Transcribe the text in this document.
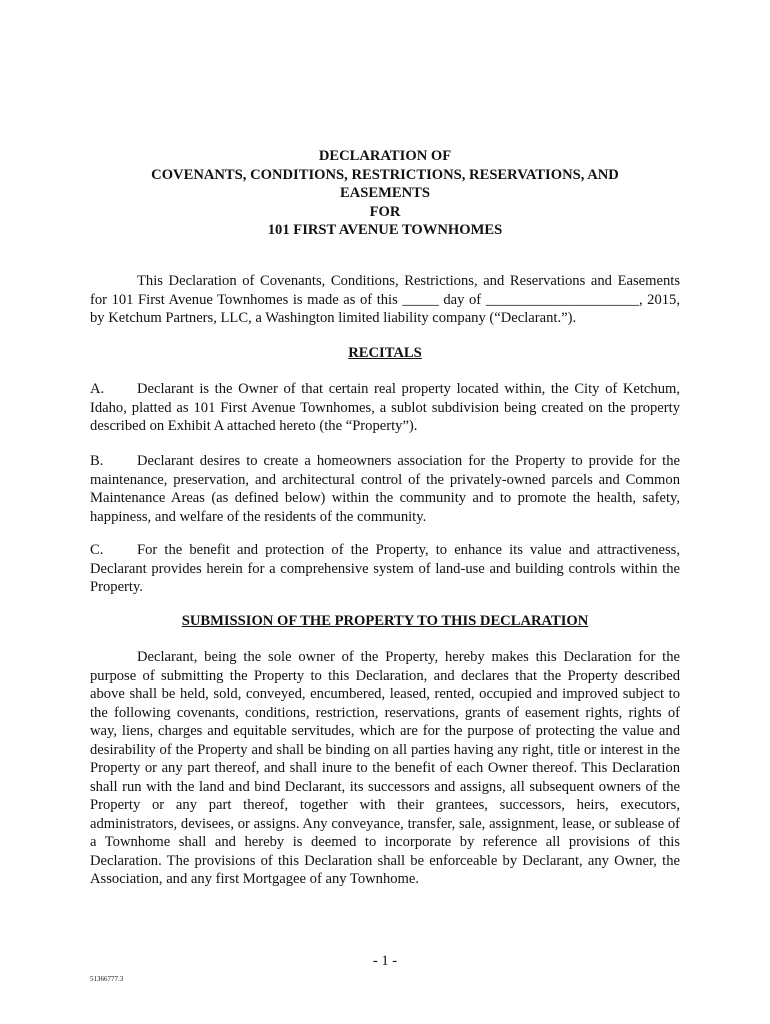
DECLARATION OF
COVENANTS, CONDITIONS, RESTRICTIONS, RESERVATIONS, AND
EASEMENTS
FOR
101 FIRST AVENUE TOWNHOMES

This Declaration of Covenants, Conditions, Restrictions, and Reservations and Easements for 101 First Avenue Townhomes is made as of this _____ day of _____________________, 2015, by Ketchum Partners, LLC, a Washington limited liability company (“Declarant.”).

RECITALS

A. Declarant is the Owner of that certain real property located within, the City of Ketchum, Idaho, platted as 101 First Avenue Townhomes, a sublot subdivision being created on the property described on Exhibit A attached hereto (the “Property”).

B. Declarant desires to create a homeowners association for the Property to provide for the maintenance, preservation, and architectural control of the privately-owned parcels and Common Maintenance Areas (as defined below) within the community and to promote the health, safety, happiness, and welfare of the residents of the community.

C. For the benefit and protection of the Property, to enhance its value and attractiveness, Declarant provides herein for a comprehensive system of land-use and building controls within the Property.

SUBMISSION OF THE PROPERTY TO THIS DECLARATION

Declarant, being the sole owner of the Property, hereby makes this Declaration for the purpose of submitting the Property to this Declaration, and declares that the Property described above shall be held, sold, conveyed, encumbered, leased, rented, occupied and improved subject to the following covenants, conditions, restriction, reservations, grants of easement rights, rights of way, liens, charges and equitable servitudes, which are for the purpose of protecting the value and desirability of the Property and shall be binding on all parties having any right, title or interest in the Property or any part thereof, and shall inure to the benefit of each Owner thereof. This Declaration shall run with the land and bind Declarant, its successors and assigns, all subsequent owners of the Property or any part thereof, together with their grantees, successors, heirs, executors, administrators, devisees, or assigns. Any conveyance, transfer, sale, assignment, lease, or sublease of a Townhome shall and hereby is deemed to incorporate by reference all provisions of this Declaration. The provisions of this Declaration shall be enforceable by Declarant, any Owner, the Association, and any first Mortgagee of any Townhome.

- 1 -
51366777.3
